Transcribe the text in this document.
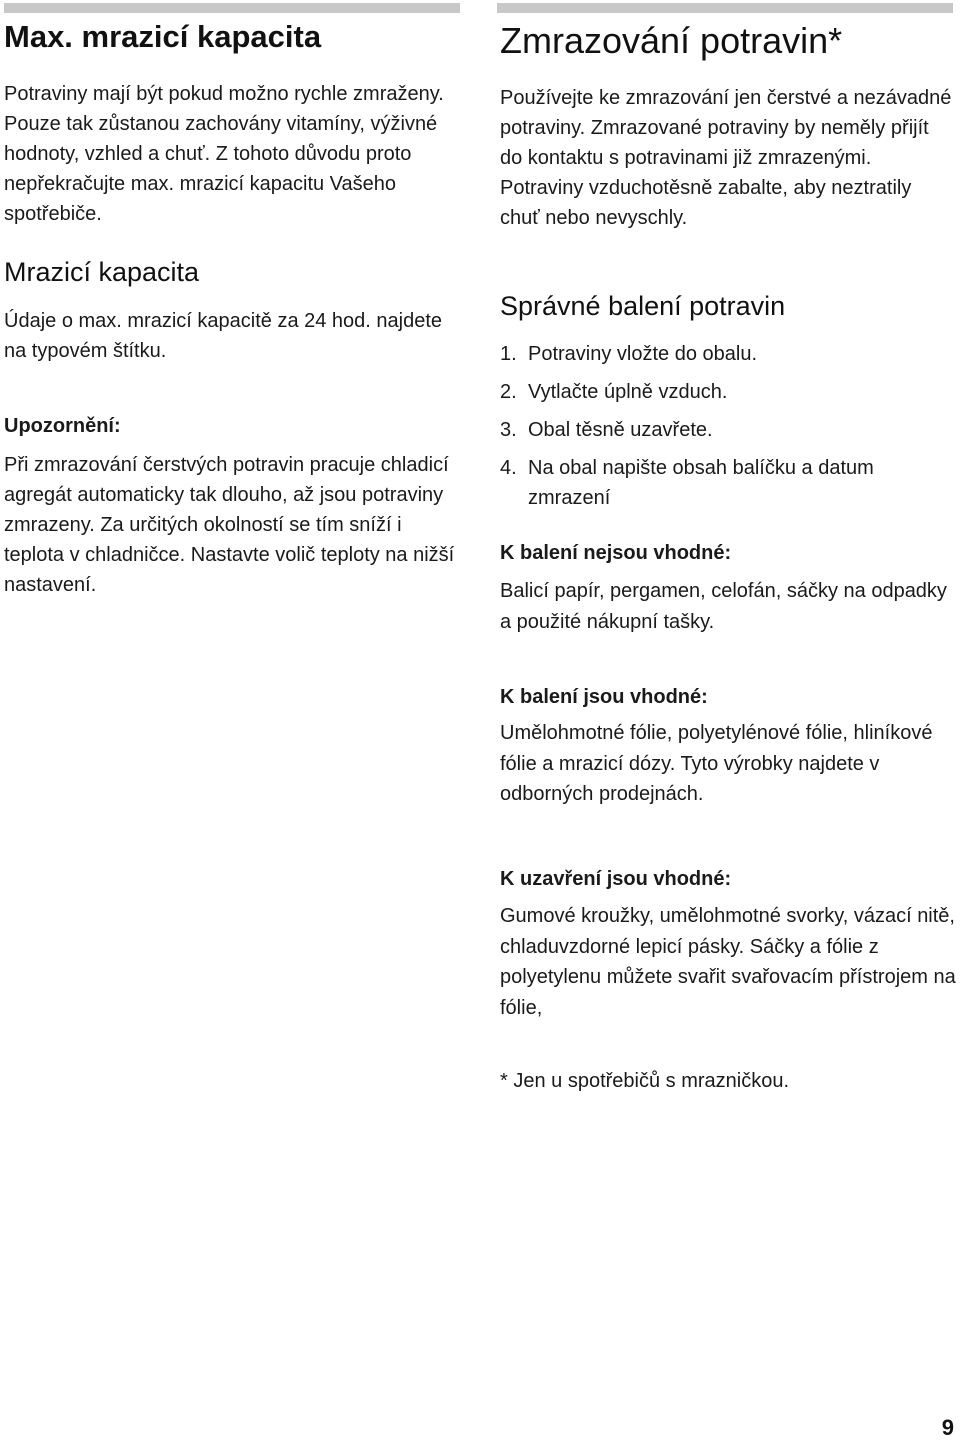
Max. mrazicí kapacita

Potraviny mají být pokud možno rychle zmraženy. Pouze tak zůstanou zachovány vitamíny, výživné hodnoty, vzhled a chuť. Z tohoto důvodu proto nepřekračujte max. mrazicí kapacitu Vašeho spotřebiče.

Mrazicí kapacita

Údaje o max. mrazicí kapacitě za 24 hod. najdete na typovém štítku.

Upozornění:

Při zmrazování čerstvých potravin pracuje chladicí agregát automaticky tak dlouho, až jsou potraviny zmrazeny. Za určitých okolností se tím sníží i teplota v chladničce. Nastavte volič teploty na nižší nastavení.

Zmrazování potravin*

Používejte ke zmrazování jen čerstvé a nezávadné potraviny. Zmrazované potraviny by neměly přijít do kontaktu s potravinami již zmrazenými. Potraviny vzduchotěsně zabalte, aby neztratily chuť nebo nevyschly.

Správné balení potravin
1. Potraviny vložte do obalu.
2. Vytlačte úplně vzduch.
3. Obal těsně uzavřete.
4. Na obal napište obsah balíčku a datum zmrazení
K balení nejsou vhodné:

Balicí papír, pergamen, celofán, sáčky na odpadky a použité nákupní tašky.

K balení jsou vhodné:

Umělohmotné fólie, polyetylénové fólie, hliníkové fólie a mrazicí dózy. Tyto výrobky najdete v odborných prodejnách.

K uzavření jsou vhodné:

Gumové kroužky, umělohmotné svorky, vázací nitě, chladuvzdorné lepicí pásky. Sáčky a fólie z polyetylenu můžete svařit svařovacím přístrojem na fólie,

* Jen u spotřebičů s mrazničkou.

9
